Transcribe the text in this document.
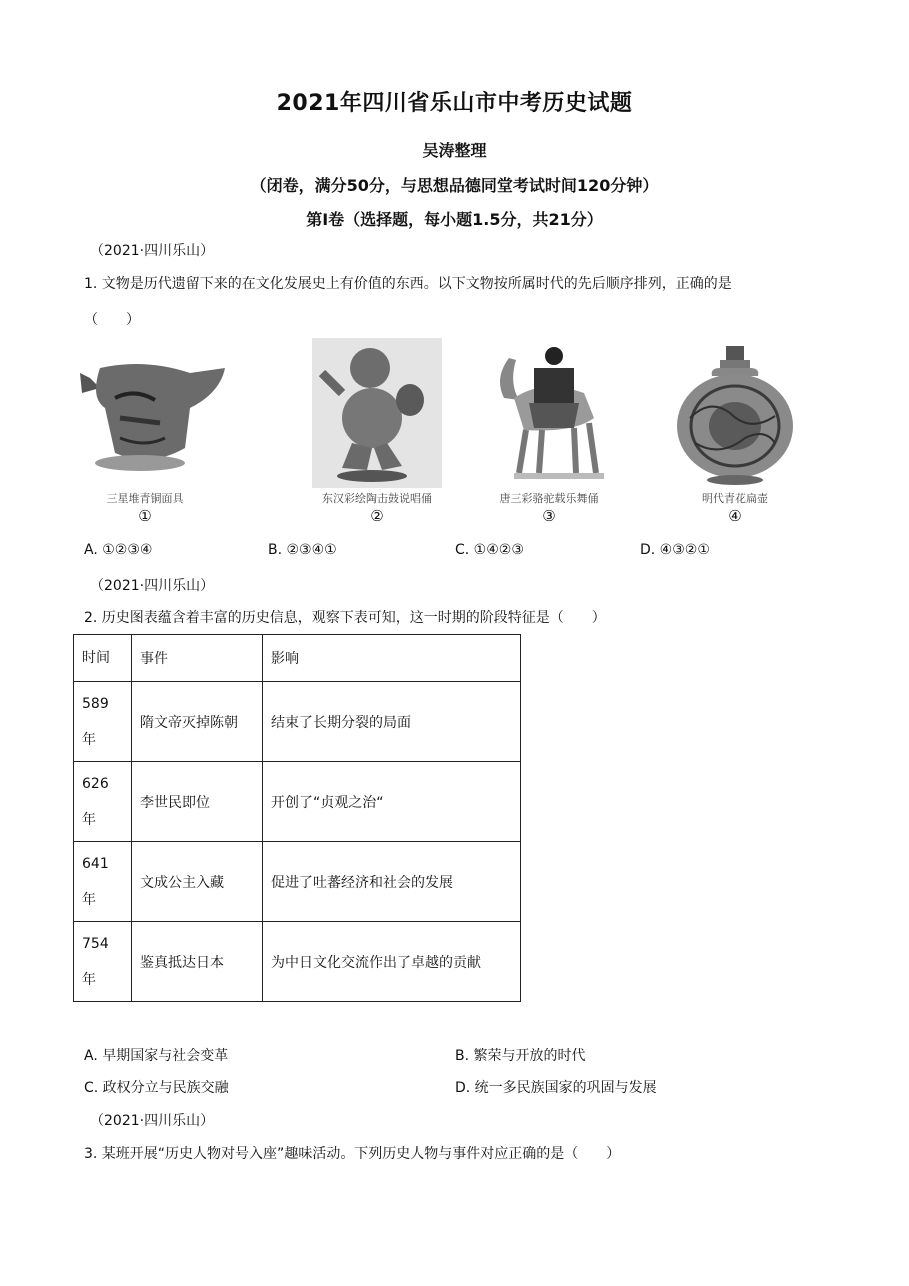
2021年四川省乐山市中考历史试题
吴涛整理
（闭卷，满分50分，与思想品德同堂考试时间120分钟）
第I卷（选择题，每小题1.5分，共21分）
（2021·四川乐山）
1. 文物是历代遗留下来的在文化发展史上有价值的东西。以下文物按所属时代的先后顺序排列，正确的是
（　　）
三星堆青铜面具
①
东汉彩绘陶击鼓说唱俑
②
唐三彩骆驼载乐舞俑
③
明代青花扁壶
④
A. ①②③④	B. ②③④①	C. ①④②③	D. ④③②①
（2021·四川乐山）
2. 历史图表蕴含着丰富的历史信息，观察下表可知，这一时期的阶段特征是（　　）
时间	事件	影响
589
年	隋文帝灭掉陈朝	结束了长期分裂的局面
626
年	李世民即位	开创了“贞观之治“
641
年	文成公主入藏	促进了吐蕃经济和社会的发展
754
年	鉴真抵达日本	为中日文化交流作出了卓越的贡献
A. 早期国家与社会变革	B. 繁荣与开放的时代
C. 政权分立与民族交融	D. 统一多民族国家的巩固与发展
（2021·四川乐山）
3. 某班开展“历史人物对号入座”趣味活动。下列历史人物与事件对应正确的是（　　）
